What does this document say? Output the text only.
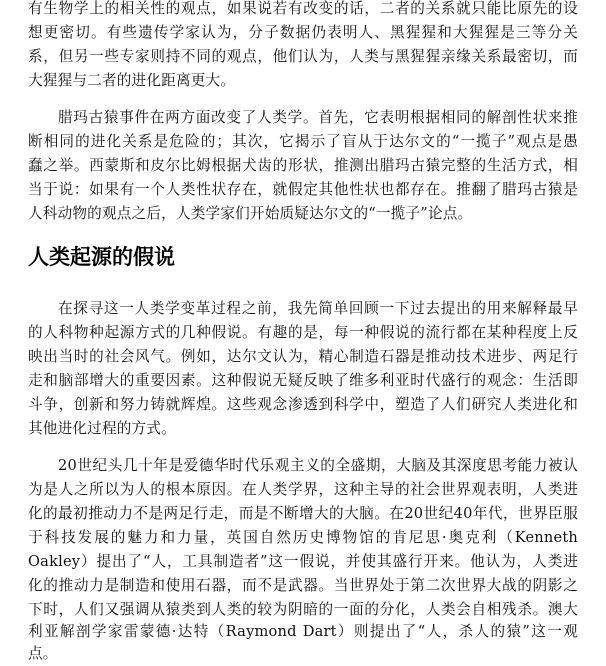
有生物学上的相关性的观点，如果说若有改变的话，二者的关系就只能比原先的设
想更密切。有些遗传学家认为，分子数据仍表明人、黑猩猩和大猩猩是三等分关
系，但另一些专家则持不同的观点，他们认为，人类与黑猩猩亲缘关系最密切，而
大猩猩与二者的进化距离更大。
腊玛古猿事件在两方面改变了人类学。首先，它表明根据相同的解剖性状来推
断相同的进化关系是危险的；其次，它揭示了盲从于达尔文的“一揽子”观点是愚
蠢之举。西蒙斯和皮尔比姆根据犬齿的形状，推测出腊玛古猿完整的生活方式，相
当于说：如果有一个人类性状存在，就假定其他性状也都存在。推翻了腊玛古猿是
人科动物的观点之后，人类学家们开始质疑达尔文的“一揽子”论点。
人类起源的假说
在探寻这一人类学变革过程之前，我先简单回顾一下过去提出的用来解释最早
的人科物种起源方式的几种假说。有趣的是，每一种假说的流行都在某种程度上反
映出当时的社会风气。例如，达尔文认为，精心制造石器是推动技术进步、两足行
走和脑部增大的重要因素。这种假说无疑反映了维多利亚时代盛行的观念：生活即
斗争，创新和努力铸就辉煌。这些观念渗透到科学中，塑造了人们研究人类进化和
其他进化过程的方式。
20世纪头几十年是爱德华时代乐观主义的全盛期，大脑及其深度思考能力被认
为是人之所以为人的根本原因。在人类学界，这种主导的社会世界观表明，人类进
化的最初推动力不是两足行走，而是不断增大的大脑。在20世纪40年代，世界臣服
于科技发展的魅力和力量，英国自然历史博物馆的肯尼思·奥克利（Kenneth
Oakley）提出了“人，工具制造者”这一假说，并使其盛行开来。他认为，人类进
化的推动力是制造和使用石器，而不是武器。当世界处于第二次世界大战的阴影之
下时，人们又强调从猿类到人类的较为阴暗的一面的分化，人类会自相残杀。澳大
利亚解剖学家雷蒙德·达特（Raymond Dart）则提出了“人，杀人的猿”这一观
点。
